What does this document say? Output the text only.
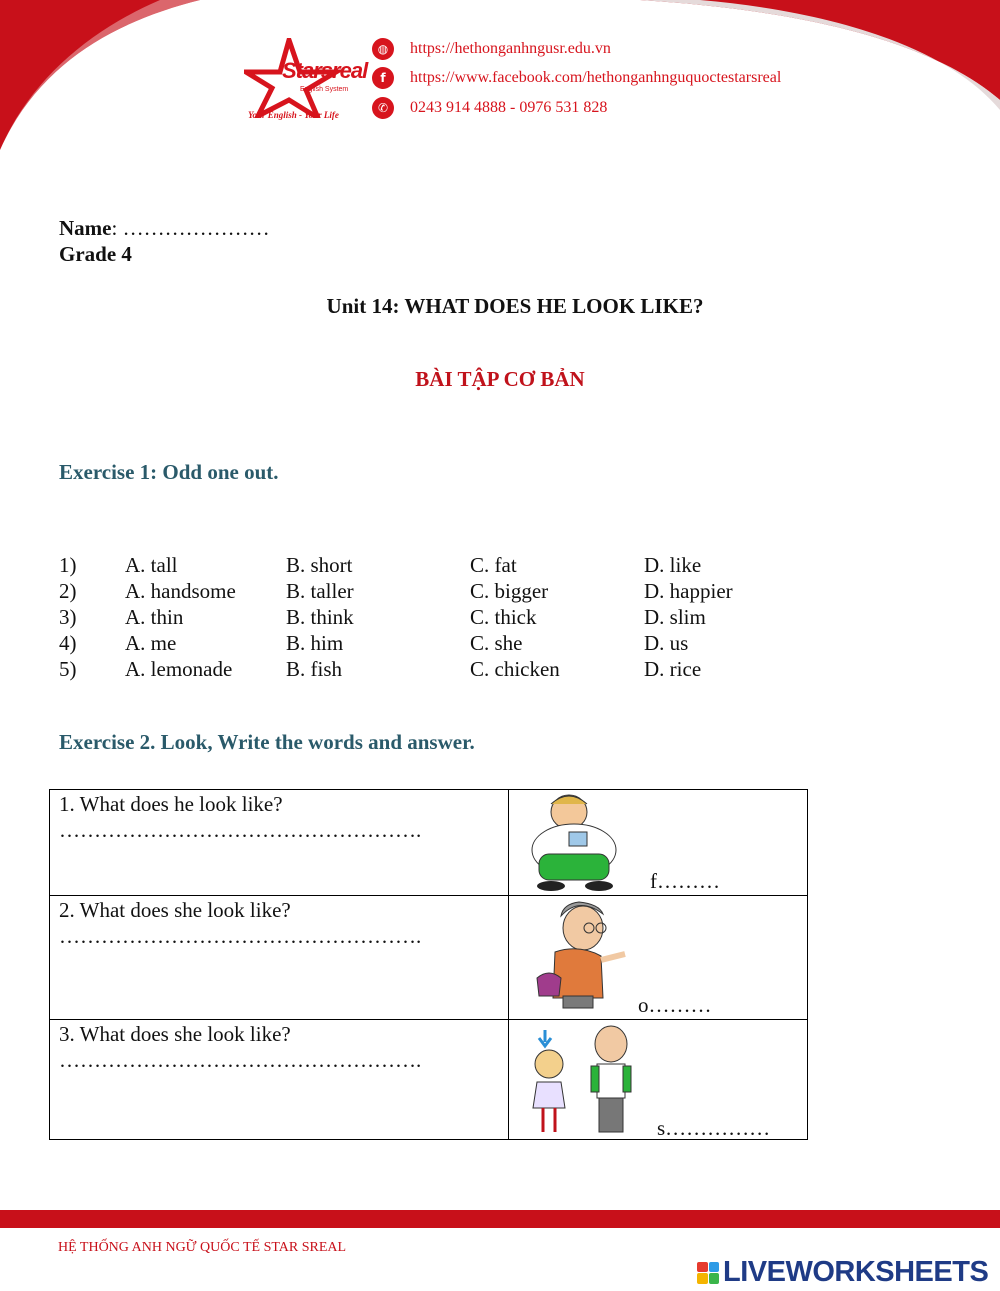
Starsreal
English System
Your English - Your Life
◍	https://hethonganhngusr.edu.vn
f	https://www.facebook.com/hethonganhnguquoctestarsreal
✆	0243 914 4888 - 0976 531 828
Name: …………………
Grade 4
Unit 14: WHAT DOES HE LOOK LIKE?
BÀI TẬP CƠ BẢN
Exercise 1: Odd one out.
1) A. tall	B. short	C. fat	D. like
2) A. handsome B. taller	C. bigger	D. happier
3) A. thin	B. think	C. thick	D. slim
4) A. me	B. him	C. she	D. us
5) A. lemonade	B. fish	C. chicken	D. rice
Exercise 2. Look, Write the words and answer.
1. What does he look like?
…………………………………………….
f………
2. What does she look like?
…………………………………………….
o………
3. What does she look like?
…………………………………………….
s……………
HỆ THỐNG ANH NGỮ QUỐC TẾ STAR SREAL
LIVEWORKSHEETS
